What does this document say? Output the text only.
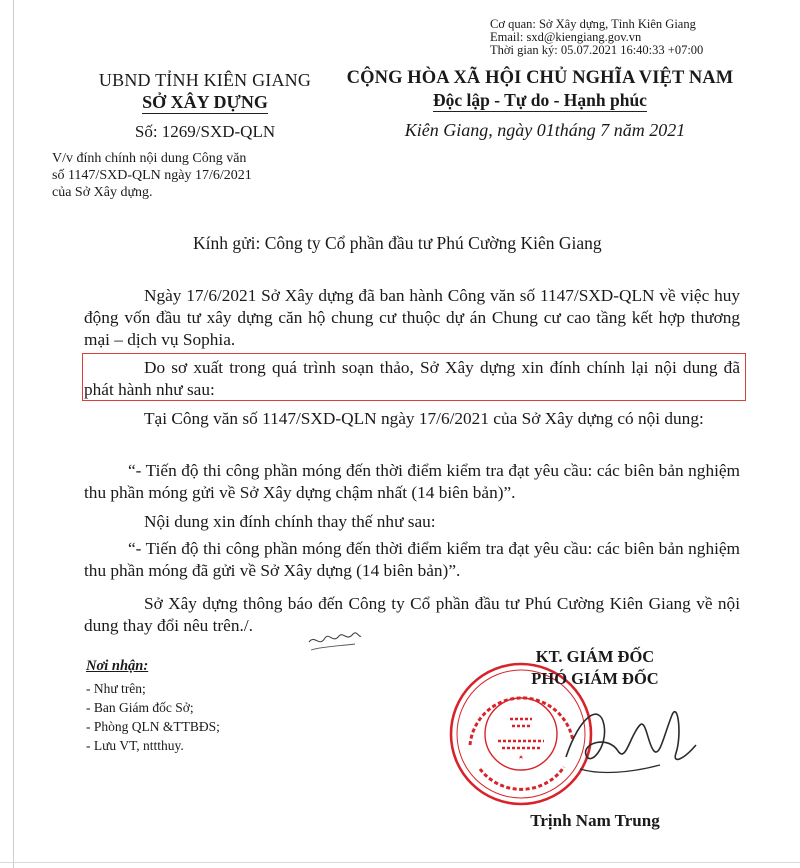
Cơ quan: Sở Xây dựng, Tỉnh Kiên Giang
Email: sxd@kiengiang.gov.vn
Thời gian ký: 05.07.2021 16:40:33 +07:00
UBND TỈNH KIÊN GIANG
SỞ XÂY DỰNG
Số: 1269/SXD-QLN
CỘNG HÒA XÃ HỘI CHỦ NGHĨA VIỆT NAM
Độc lập - Tự do - Hạnh phúc
Kiên Giang, ngày 01tháng 7 năm 2021
V/v đính chính nội dung Công văn
số 1147/SXD-QLN ngày 17/6/2021
của Sở Xây dựng.
Kính gửi: Công ty Cổ phần đầu tư Phú Cường Kiên Giang

Ngày 17/6/2021 Sở Xây dựng đã ban hành Công văn số 1147/SXD-QLN về việc huy động vốn đầu tư xây dựng căn hộ chung cư thuộc dự án Chung cư cao tầng kết hợp thương mại – dịch vụ Sophia.

Do sơ xuất trong quá trình soạn thảo, Sở Xây dựng xin đính chính lại nội dung đã phát hành như sau:

Tại Công văn số 1147/SXD-QLN ngày 17/6/2021 của Sở Xây dựng có nội dung:

“- Tiến độ thi công phần móng đến thời điểm kiểm tra đạt yêu cầu: các biên bản nghiệm thu phần móng gửi về Sở Xây dựng chậm nhất (14 biên bản)”.

Nội dung xin đính chính thay thế như sau:

“- Tiến độ thi công phần móng đến thời điểm kiểm tra đạt yêu cầu: các biên bản nghiệm thu phần móng đã gửi về Sở Xây dựng (14 biên bản)”.

Sở Xây dựng thông báo đến Công ty Cổ phần đầu tư Phú Cường Kiên Giang về nội dung thay đổi nêu trên./.

Nơi nhận:
- Như trên;
- Ban Giám đốc Sở;
- Phòng QLN &TTBĐS;
- Lưu VT, nttthuy.
KT. GIÁM ĐỐC
PHÓ GIÁM ĐỐC
Trịnh Nam Trung
